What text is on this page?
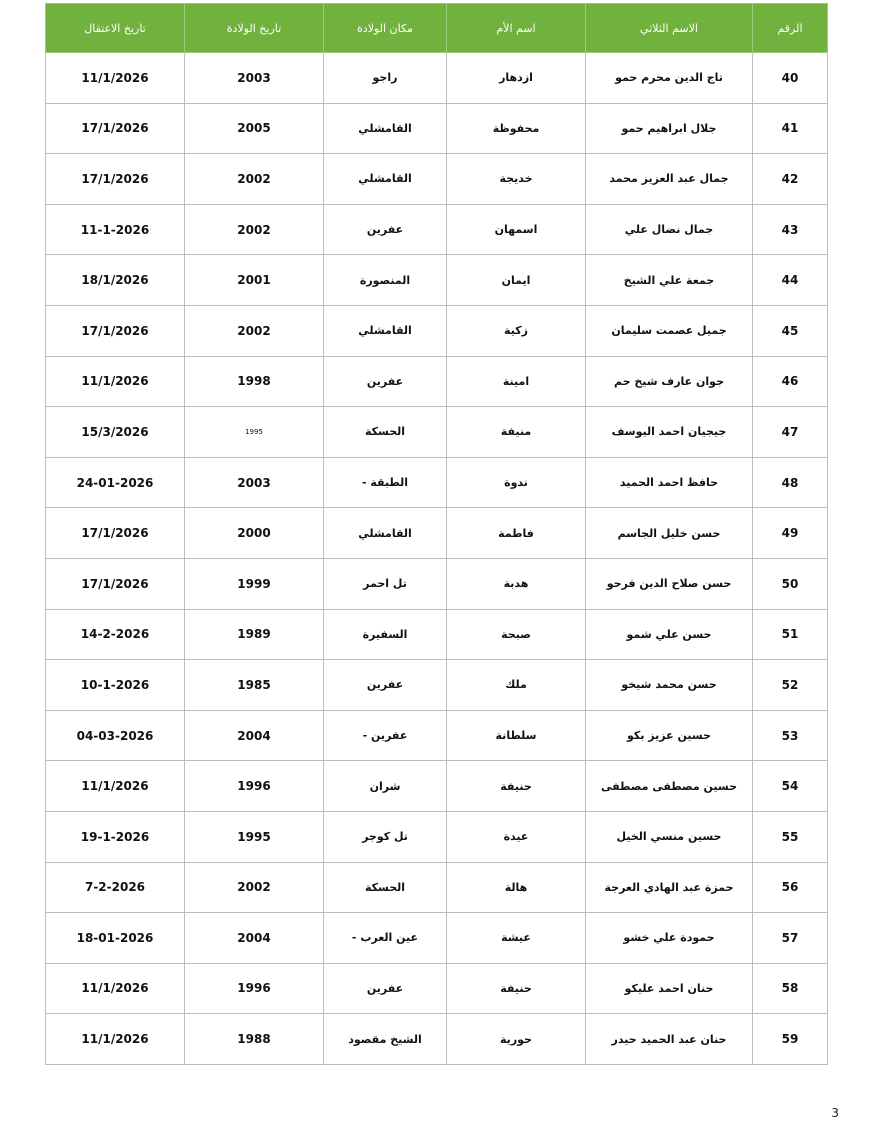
الرقم	الاسم الثلاثي	اسم الأم	مكان الولادة	تاريخ الولادة	تاريخ الاعتقال
40	تاج الدين محرم حمو	ازدهار	راجو	2003	11/1/2026
41	جلال ابراهيم حمو	محفوظة	القامشلي	2005	17/1/2026
42	جمال عبد العزيز محمد	خديجة	القامشلي	2002	17/1/2026
43	جمال نضال علي	اسمهان	عفرين	2002	11-1-2026
44	جمعة علي الشيخ	ايمان	المنصورة	2001	18/1/2026
45	جميل عصمت سليمان	زكية	القامشلي	2002	17/1/2026
46	جوان عارف شيخ حم	امينة	عفرين	1998	11/1/2026
47	جيجيان احمد اليوسف	منيفة	الحسكة	1995	15/3/2026
48	حافظ احمد الحميد	ندوة	الطبقة -	2003	24-01-2026
49	حسن خليل الجاسم	فاطمة	القامشلي	2000	17/1/2026
50	حسن صلاح الدين فرحو	هدبة	تل احمر	1999	17/1/2026
51	حسن علي شمو	صبحة	السفيرة	1989	14-2-2026
52	حسن محمد شيخو	ملك	عفرين	1985	10-1-2026
53	حسين عزيز بكو	سلطانة	عفرين -	2004	04-03-2026
54	حسين مصطفى مصطفى	حنيفة	شران	1996	11/1/2026
55	حسين منسي الخيل	عيدة	تل كوجر	1995	19-1-2026
56	حمزة عبد الهادي العرجة	هالة	الحسكة	2002	7-2-2026
57	حمودة علي خشو	عيشة	عين العرب -	2004	18-01-2026
58	حنان احمد عليكو	حنيفة	عفرين	1996	11/1/2026
59	حنان عبد الحميد حيدر	حورية	الشيخ مقصود	1988	11/1/2026
3
